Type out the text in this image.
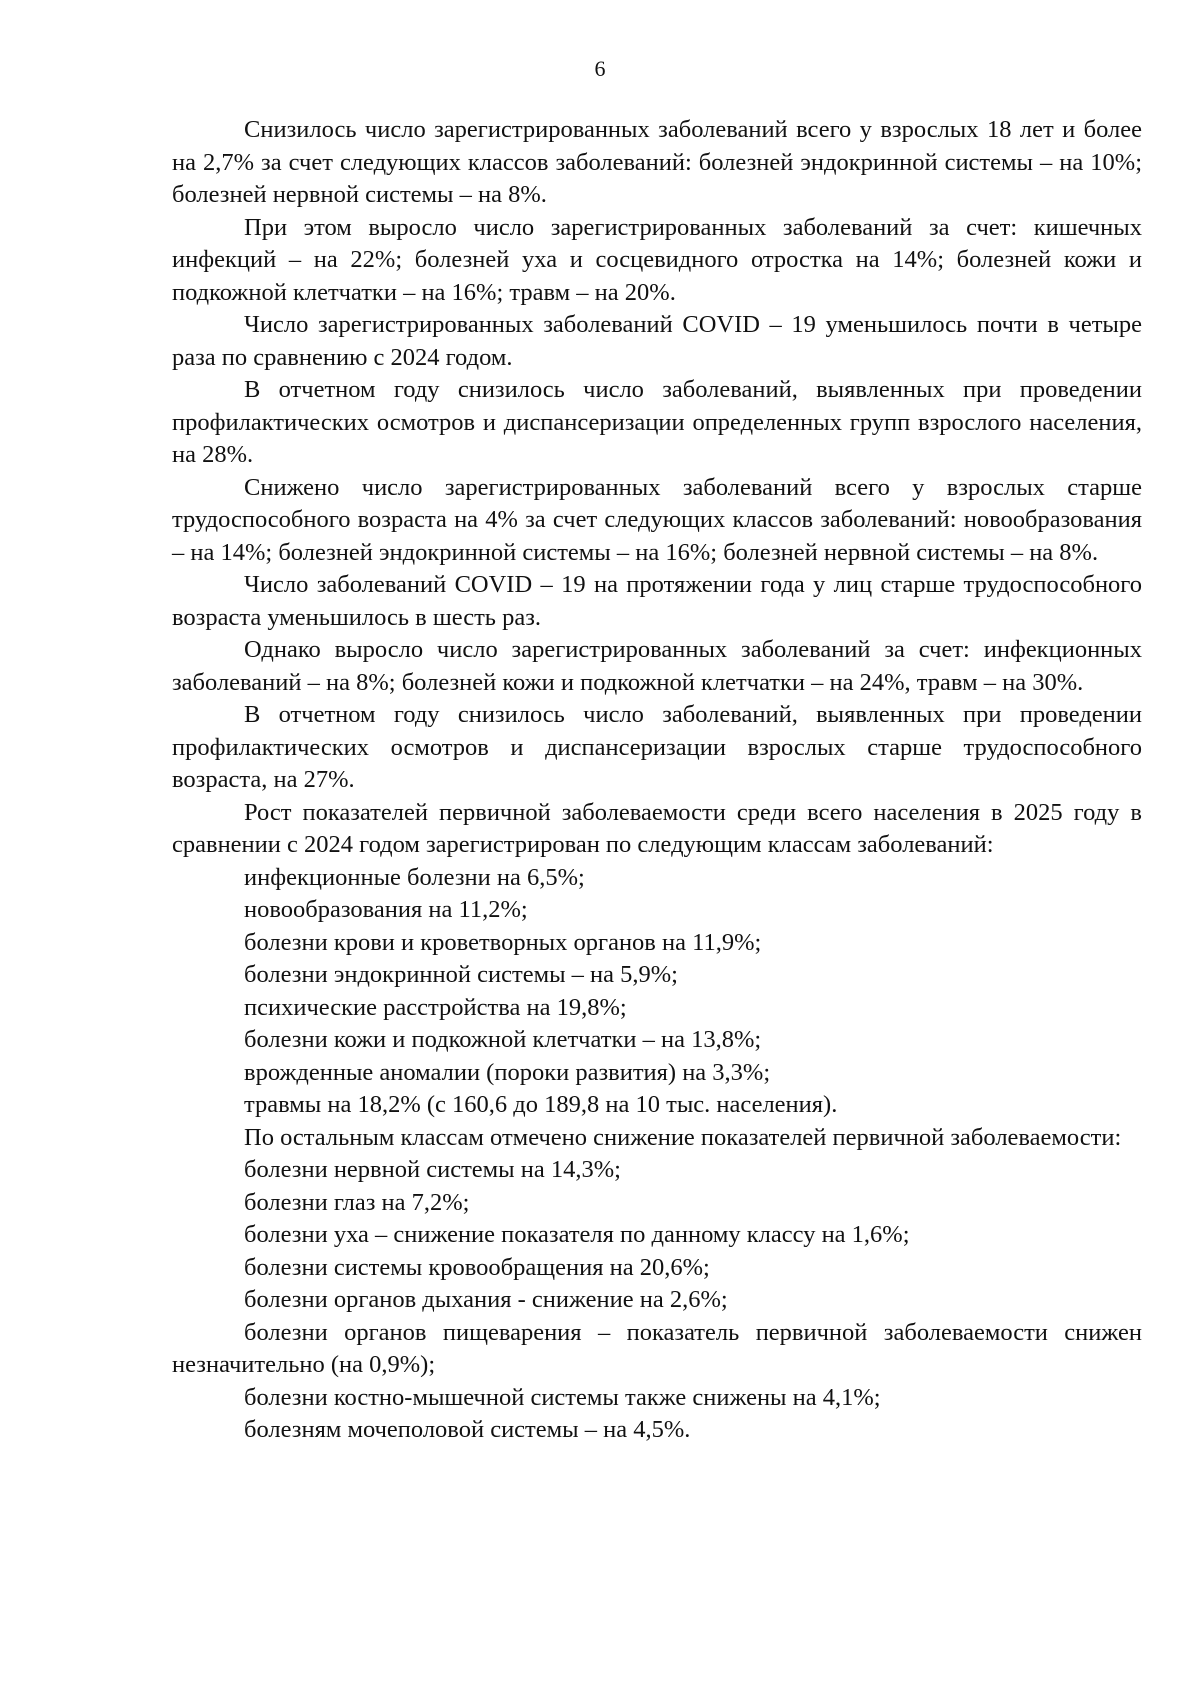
6

Снизилось число зарегистрированных заболеваний всего у взрослых 18 лет и более на 2,7% за счет следующих классов заболеваний: болезней эндокринной системы – на 10%; болезней нервной системы – на 8%.

При этом выросло число зарегистрированных заболеваний за счет: кишечных инфекций – на 22%; болезней уха и сосцевидного отростка на 14%; болезней кожи и подкожной клетчатки – на 16%; травм – на 20%.

Число зарегистрированных заболеваний COVID – 19 уменьшилось почти в четыре раза по сравнению с 2024 годом.

В отчетном году снизилось число заболеваний, выявленных при проведении профилактических осмотров и диспансеризации определенных групп взрослого населения, на 28%.

Снижено число зарегистрированных заболеваний всего у взрослых старше трудоспособного возраста на 4% за счет следующих классов заболеваний: новообразования – на 14%; болезней эндокринной системы – на 16%; болезней нервной системы – на 8%.

Число заболеваний COVID – 19 на протяжении года у лиц старше трудоспособного возраста уменьшилось в шесть раз.

Однако выросло число зарегистрированных заболеваний за счет: инфекционных заболеваний – на 8%; болезней кожи и подкожной клетчатки – на 24%, травм – на 30%.

В отчетном году снизилось число заболеваний, выявленных при проведении профилактических осмотров и диспансеризации взрослых старше трудоспособного возраста, на 27%.

Рост показателей первичной заболеваемости среди всего населения в 2025 году в сравнении с 2024 годом зарегистрирован по следующим классам заболеваний:

инфекционные болезни на 6,5%;

новообразования на 11,2%;

болезни крови и кроветворных органов на 11,9%;

болезни эндокринной системы – на 5,9%;

психические расстройства на 19,8%;

болезни кожи и подкожной клетчатки – на 13,8%;

врожденные аномалии (пороки развития) на 3,3%;

травмы на 18,2% (с 160,6 до 189,8 на 10 тыс. населения).

По остальным классам отмечено снижение показателей первичной заболеваемости:

болезни нервной системы на 14,3%;

болезни глаз на 7,2%;

болезни уха – снижение показателя по данному классу на 1,6%;

болезни системы кровообращения на 20,6%;

болезни органов дыхания - снижение на 2,6%;

болезни органов пищеварения – показатель первичной заболеваемости снижен незначительно (на 0,9%);

болезни костно-мышечной системы также снижены на 4,1%;

болезням мочеполовой системы – на 4,5%.
